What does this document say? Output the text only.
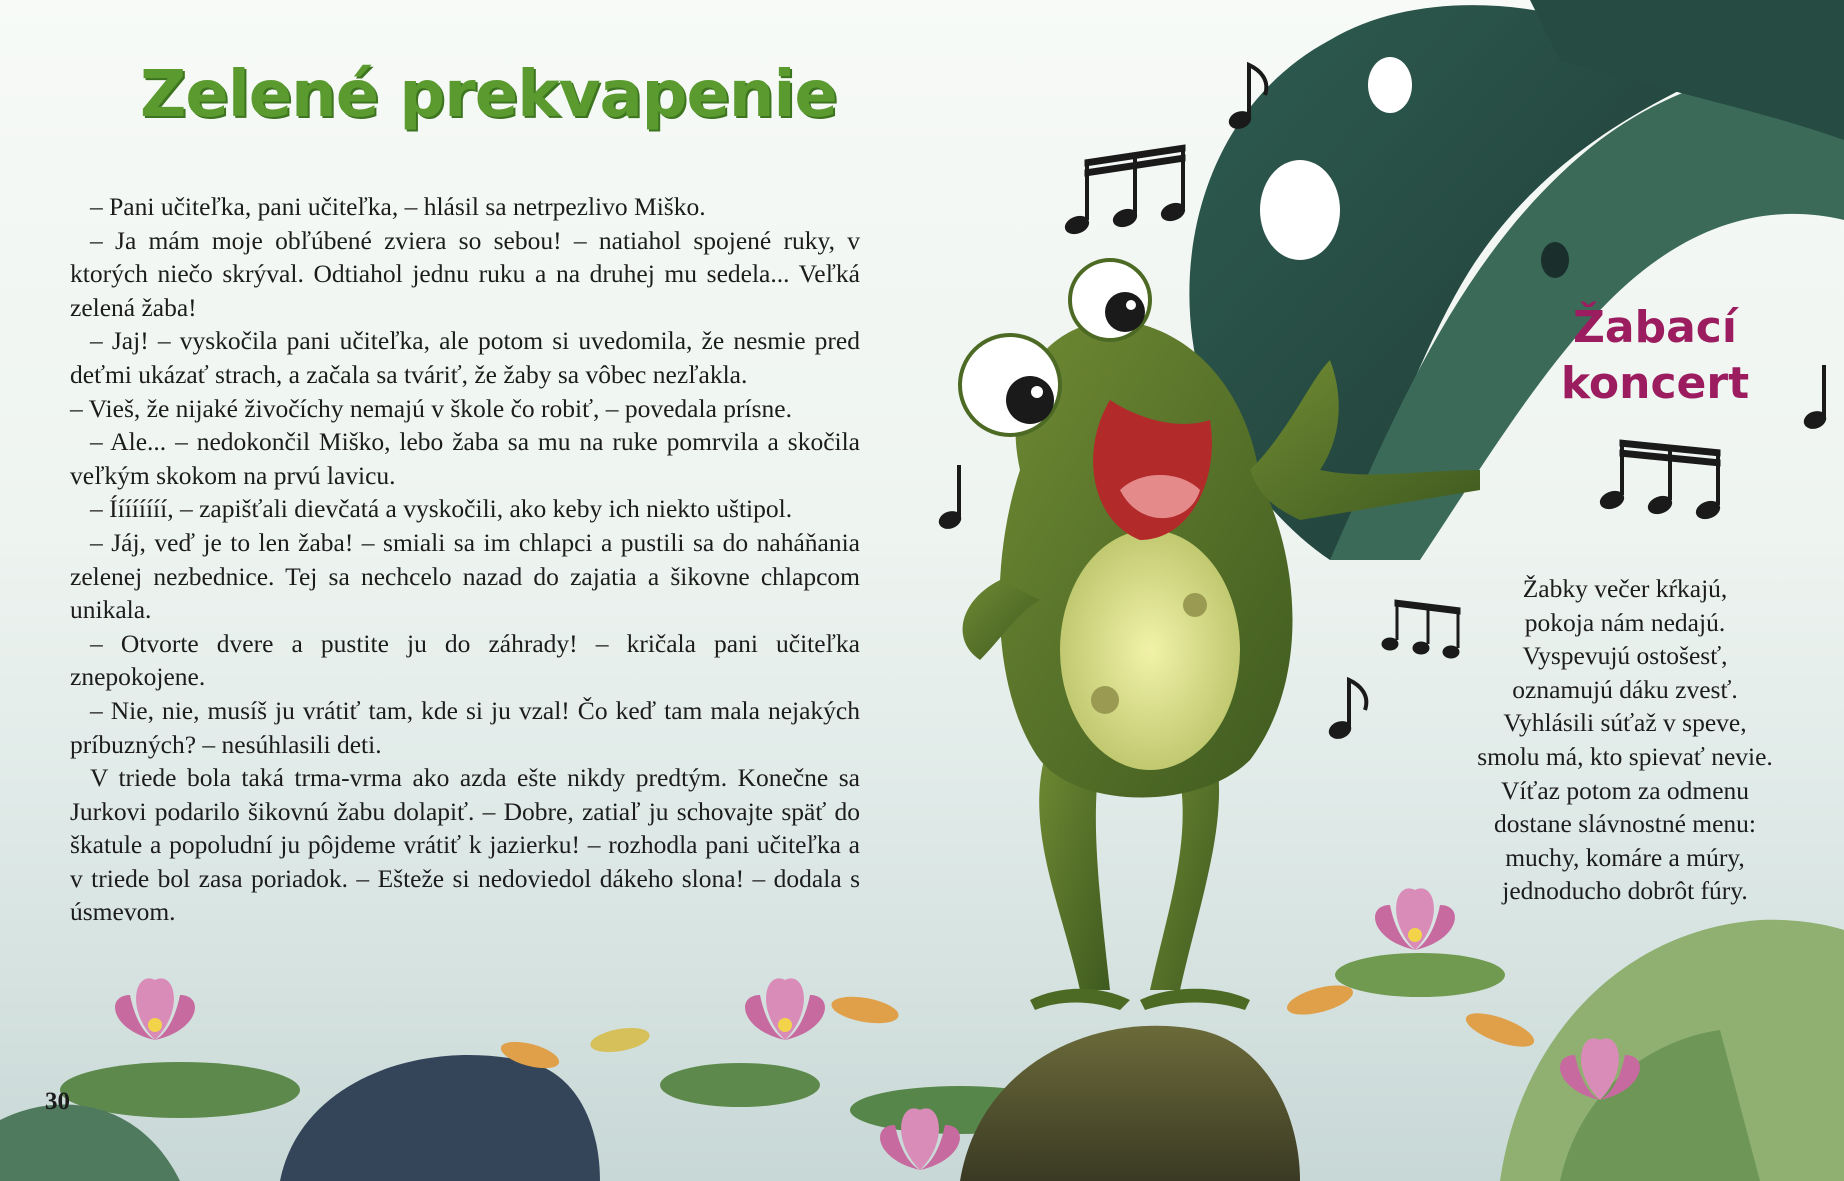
Zelené prekvapenie

– Pani učiteľka, pani učiteľka, – hlásil sa netrpezlivo Miško.

– Ja mám moje obľúbené zviera so sebou! – natiahol spojené ruky, v ktorých niečo skrýval. Odtiahol jednu ruku a na druhej mu sedela... Veľká zelená žaba!

– Jaj! – vyskočila pani učiteľka, ale potom si uvedomila, že nesmie pred deťmi ukázať strach, a začala sa tváriť, že žaby sa vôbec nezľakla.

– Vieš, že nijaké živočíchy nemajú v škole čo robiť, – povedala prísne.

– Ale... – nedokončil Miško, lebo žaba sa mu na ruke pomrvila a skočila veľkým skokom na prvú lavicu.

– Íííííííí, – zapišťali dievčatá a vyskočili, ako keby ich niekto uštipol.

– Jáj, veď je to len žaba! – smiali sa im chlapci a pustili sa do naháňania zelenej nezbednice. Tej sa nechcelo nazad do zajatia a šikovne chlapcom unikala.

– Otvorte dvere a pustite ju do záhrady! – kričala pani učiteľka znepokojene.

– Nie, nie, musíš ju vrátiť tam, kde si ju vzal! Čo keď tam mala nejakých príbuzných? – nesúhlasili deti.

V triede bola taká trma-vrma ako azda ešte nikdy predtým. Konečne sa Jurkovi podarilo šikovnú žabu dolapiť. – Dobre, zatiaľ ju schovajte späť do škatule a popoludní ju pôjdeme vrátiť k jazierku! – rozhodla pani učiteľka a v triede bol zasa poriadok. – Ešteže si nedoviedol dákeho slona! – dodala s úsmevom.

Žabací
koncert
Žabky večer kŕkajú,
pokoja nám nedajú.
Vyspevujú ostošesť,
oznamujú dáku zvesť.
Vyhlásili súťaž v speve,
smolu má, kto spievať nevie.
Víťaz potom za odmenu
dostane slávnostné menu:
muchy, komáre a múry,
jednoducho dobrôt fúry.
30
